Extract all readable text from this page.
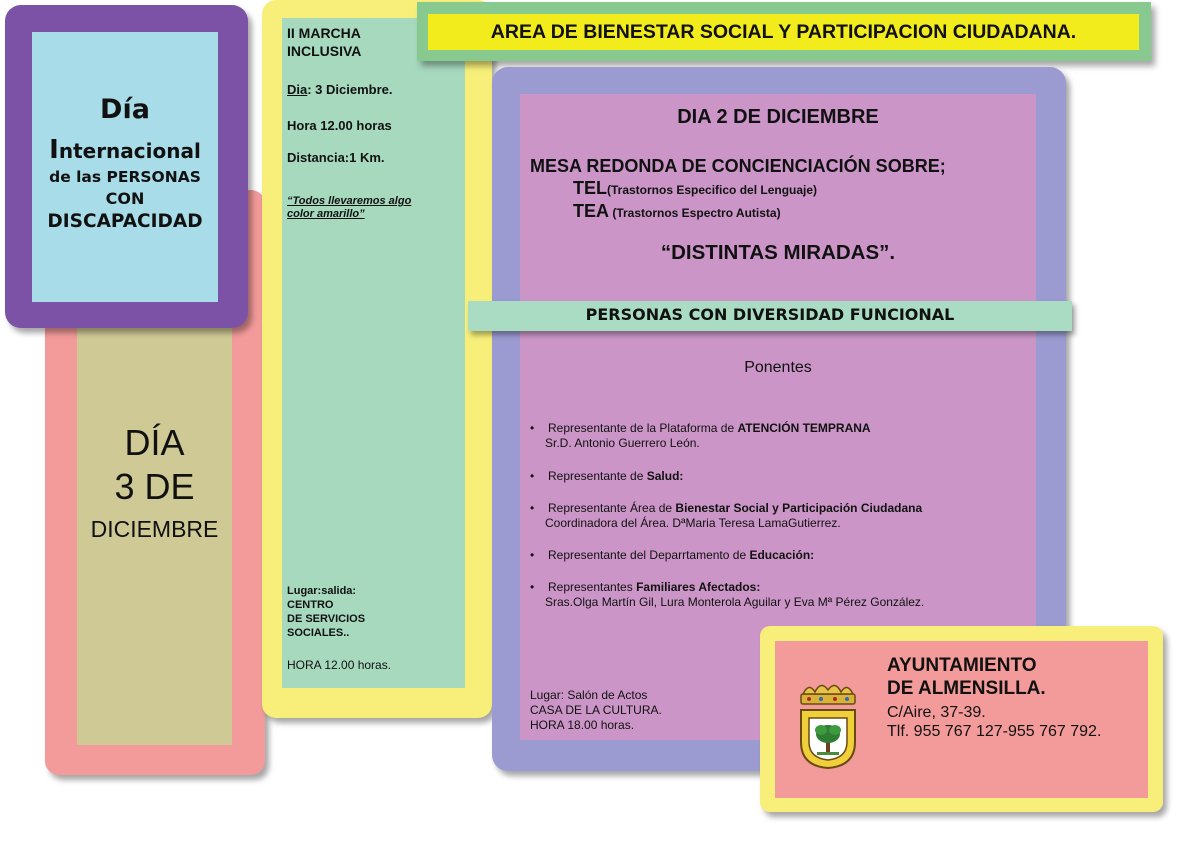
DÍA
3 DE
DICIEMBRE
Día
Internacional
de las PERSONAS
CON
DISCAPACIDAD
II MARCHA
INCLUSIVA
Dia: 3 Diciembre.
Hora 12.00 horas
Distancia:1 Km.
“Todos llevaremos algo
color amarillo”
Lugar:salida:
CENTRO
DE SERVICIOS
SOCIALES..
HORA 12.00 horas.
AREA DE BIENESTAR SOCIAL Y PARTICIPACION CIUDADANA.
DIA 2 DE DICIEMBRE
MESA REDONDA DE CONCIENCIACIÓN SOBRE;
TEL(Trastornos Especifico del Lenguaje)
TEA (Trastornos Espectro Autista)
“DISTINTAS MIRADAS”.
Ponentes
Lugar: Salón de Actos
CASA DE LA CULTURA.
HORA 18.00 horas.
• Representante de la Plataforma de ATENCIÓN TEMPRANA
Sr.D. Antonio Guerrero León.
• Representante de Salud:
• Representante Área de Bienestar Social y Participación Ciudadana
Coordinadora del Área. DªMaria Teresa LamaGutierrez.
• Representante del Deparrtamento de Educación:
• Representantes Familiares Afectados:
Sras.Olga Martín Gil, Lura Monterola Aguilar y Eva Mª Pérez González.
PERSONAS CON DIVERSIDAD FUNCIONAL
AYUNTAMIENTO
DE ALMENSILLA.
C/Aire, 37-39.
Tlf. 955 767 127-955 767 792.
